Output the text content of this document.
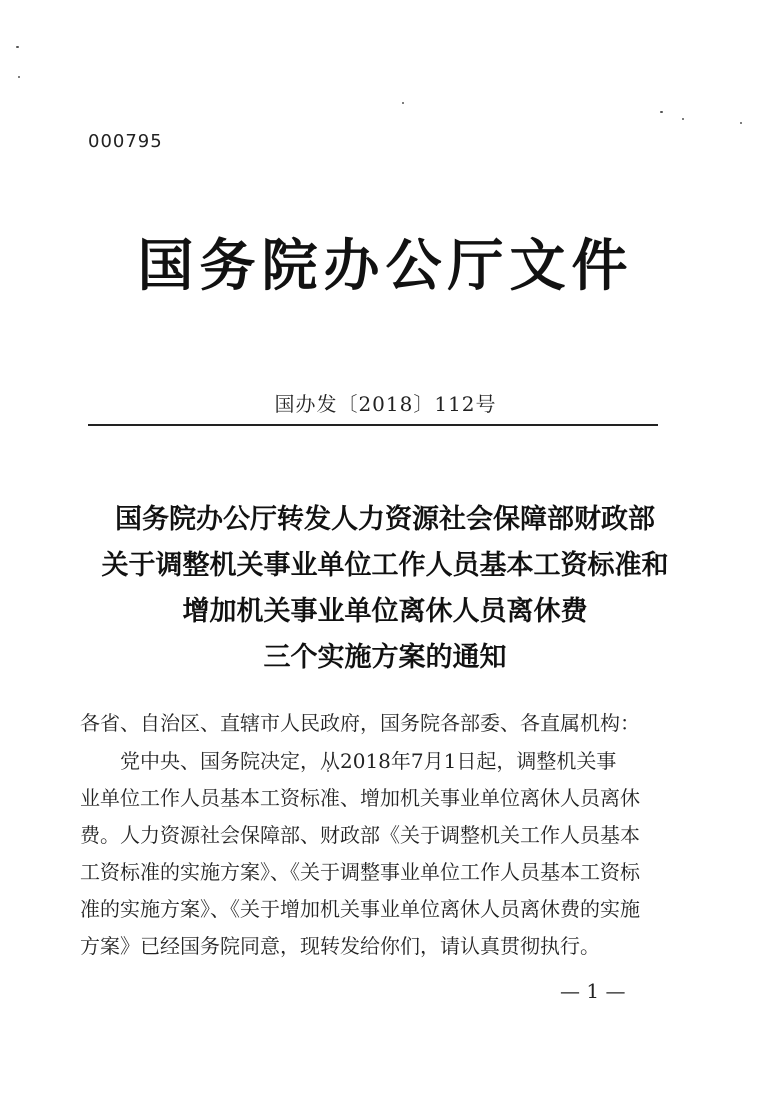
000795
国务院办公厅文件
国办发〔2018〕112号
国务院办公厅转发人力资源社会保障部财政部
关于调整机关事业单位工作人员基本工资标准和
增加机关事业单位离休人员离休费
三个实施方案的通知
各省、自治区、直辖市人民政府，国务院各部委、各直属机构：
　　党中央、国务院决定，从2018年7月1日起，调整机关事
业单位工作人员基本工资标准、增加机关事业单位离休人员离休
费。人力资源社会保障部、财政部《关于调整机关工作人员基本
工资标准的实施方案》、《关于调整事业单位工作人员基本工资标
准的实施方案》、《关于增加机关事业单位离休人员离休费的实施
方案》已经国务院同意，现转发给你们，请认真贯彻执行。
— 1 —
